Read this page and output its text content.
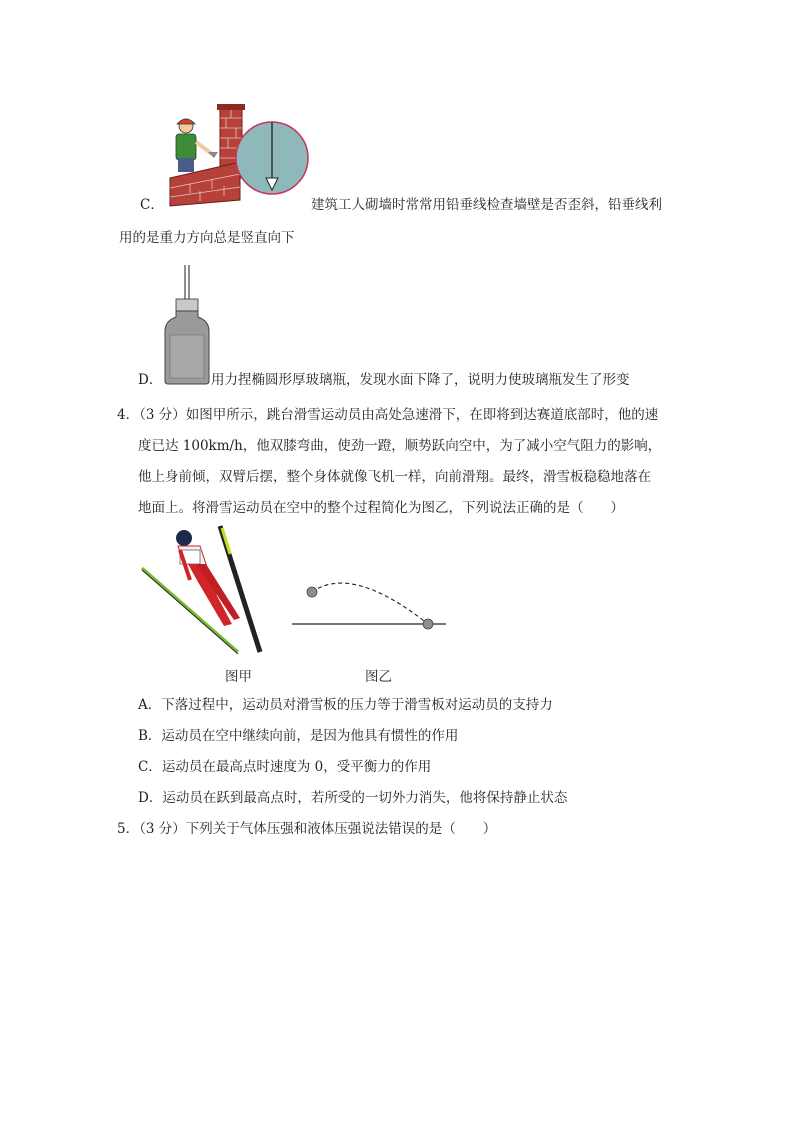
C．	建筑工人砌墙时常常用铅垂线检查墙壁是否歪斜，铅垂线利
用的是重力方向总是竖直向下
D．	用力捏椭圆形厚玻璃瓶，发现水面下降了，说明力使玻璃瓶发生了形变
4．（3 分）如图甲所示，跳台滑雪运动员由高处急速滑下，在即将到达赛道底部时，他的速
度已达 100km/h，他双膝弯曲，使劲一蹬，顺势跃向空中，为了减小空气阻力的影响，
他上身前倾，双臂后摆，整个身体就像飞机一样，向前滑翔。最终，滑雪板稳稳地落在
地面上。将滑雪运动员在空中的整个过程简化为图乙，下列说法正确的是（　　）
图甲	图乙
A．下落过程中，运动员对滑雪板的压力等于滑雪板对运动员的支持力
B．运动员在空中继续向前，是因为他具有惯性的作用
C．运动员在最高点时速度为 0，受平衡力的作用
D．运动员在跃到最高点时，若所受的一切外力消失，他将保持静止状态
5．（3 分）下列关于气体压强和液体压强说法错误的是（　　）
